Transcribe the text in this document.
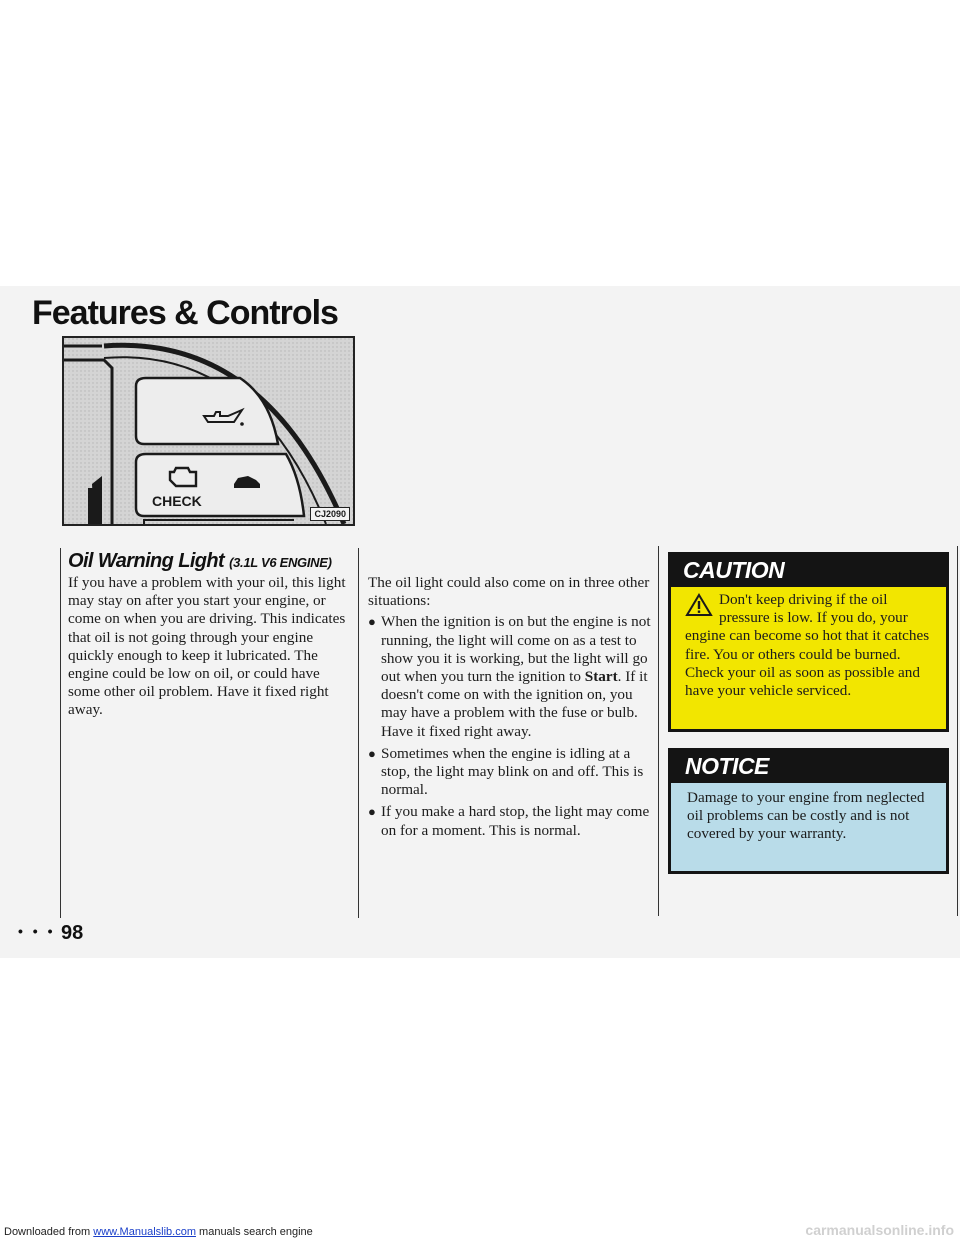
Features & Controls
CHECK
CJ2090
Oil Warning Light (3.1L V6 ENGINE)

If you have a problem with your oil, this light may stay on after you start your engine, or come on when you are driving. This indicates that oil is not going through your engine quickly enough to keep it lubricated. The engine could be low on oil, or could have some other oil problem. Have it fixed right away.

The oil light could also come on in three other situations:

● When the ignition is on but the engine is not running, the light will come on as a test to show you it is working, but the light will go out when you turn the ignition to Start. If it doesn't come on with the ignition on, you may have a problem with the fuse or bulb. Have it fixed right away.
● Sometimes when the engine is idling at a stop, the light may blink on and off. This is normal.
● If you make a hard stop, the light may come on for a moment. This is normal.
CAUTION
Don't keep driving if the oil pressure is low. If you do, your engine can become so hot that it catches fire. You or others could be burned. Check your oil as soon as possible and have your vehicle serviced.
NOTICE

Damage to your engine from neglected oil problems can be costly and is not covered by your warranty.

• • • 98
Downloaded from www.Manualslib.com manuals search engine	carmanualsonline.info
